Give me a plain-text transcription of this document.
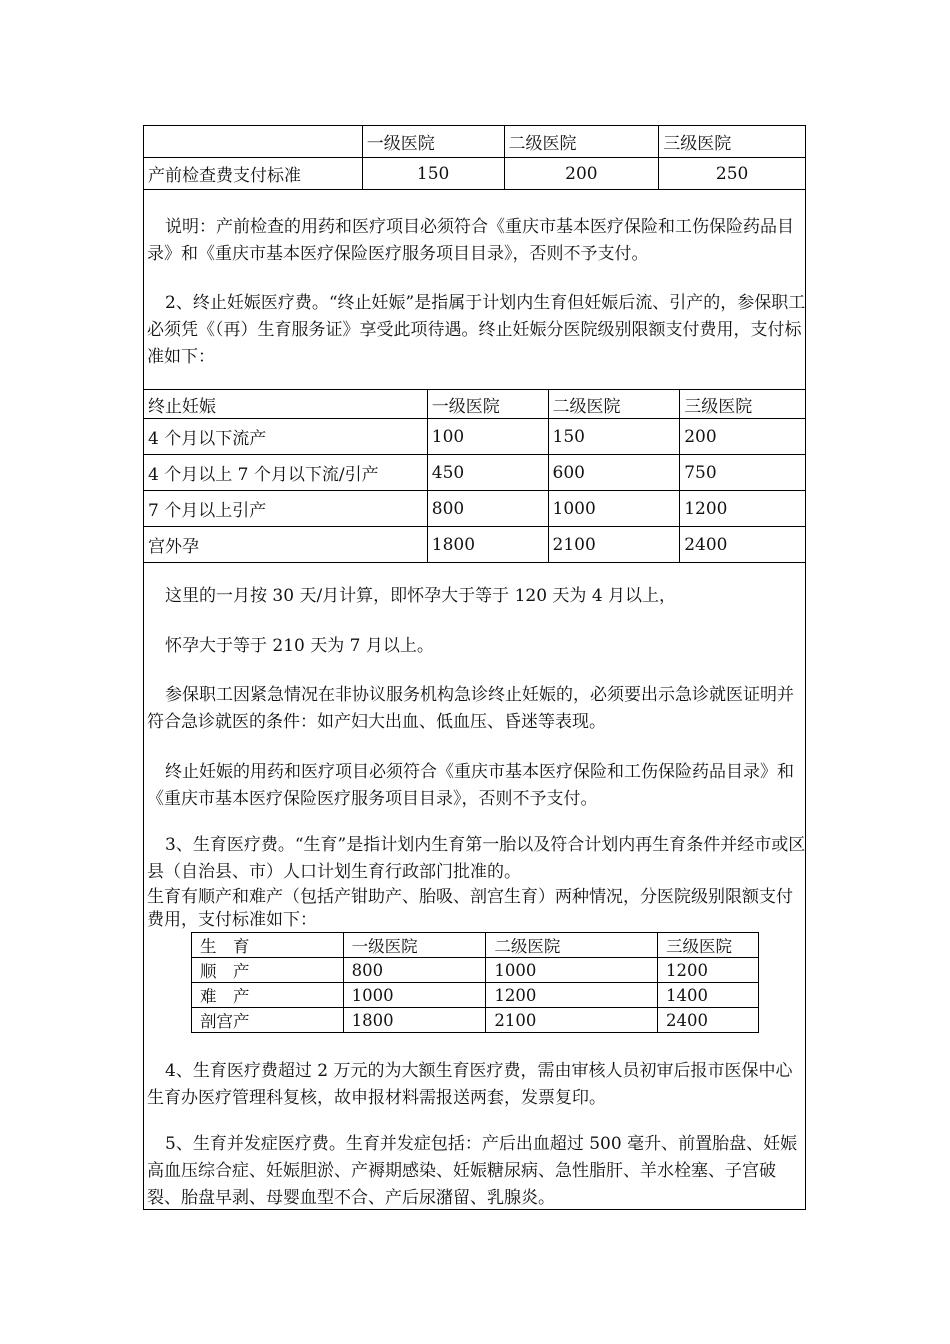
	一级医院	二级医院	三级医院
产前检查费支付标准	150	200	250

说明：产前检查的用药和医疗项目必须符合《重庆市基本医疗保险和工伤保险药品目录》和《重庆市基本医疗保险医疗服务项目目录》，否则不予支付。

2、终止妊娠医疗费。“终止妊娠”是指属于计划内生育但妊娠后流、引产的，参保职工必须凭《（再）生育服务证》享受此项待遇。终止妊娠分医院级别限额支付费用，支付标准如下：

终止妊娠	一级医院	二级医院	三级医院
4 个月以下流产	100	150	200
4 个月以上 7 个月以下流/引产	450	600	750
7 个月以上引产	800	1000	1200
宫外孕	1800	2100	2400

这里的一月按 30 天/月计算，即怀孕大于等于 120 天为 4 月以上，

怀孕大于等于 210 天为 7 月以上。

参保职工因紧急情况在非协议服务机构急诊终止妊娠的，必须要出示急诊就医证明并符合急诊就医的条件：如产妇大出血、低血压、昏迷等表现。

终止妊娠的用药和医疗项目必须符合《重庆市基本医疗保险和工伤保险药品目录》和《重庆市基本医疗保险医疗服务项目目录》，否则不予支付。

3、生育医疗费。“生育”是指计划内生育第一胎以及符合计划内再生育条件并经市或区县（自治县、市）人口计划生育行政部门批准的。

生育有顺产和难产（包括产钳助产、胎吸、剖宫生育）两种情况，分医院级别限额支付费用，支付标准如下：

生　育	一级医院	二级医院	三级医院
顺　产	800	1000	1200
难　产	1000	1200	1400
剖宫产	1800	2100	2400

4、生育医疗费超过 2 万元的为大额生育医疗费，需由审核人员初审后报市医保中心生育办医疗管理科复核，故申报材料需报送两套，发票复印。

5、生育并发症医疗费。生育并发症包括：产后出血超过 500 毫升、前置胎盘、妊娠高血压综合症、妊娠胆淤、产褥期感染、妊娠糖尿病、急性脂肝、羊水栓塞、子宫破裂、胎盘早剥、母婴血型不合、产后尿潴留、乳腺炎。
